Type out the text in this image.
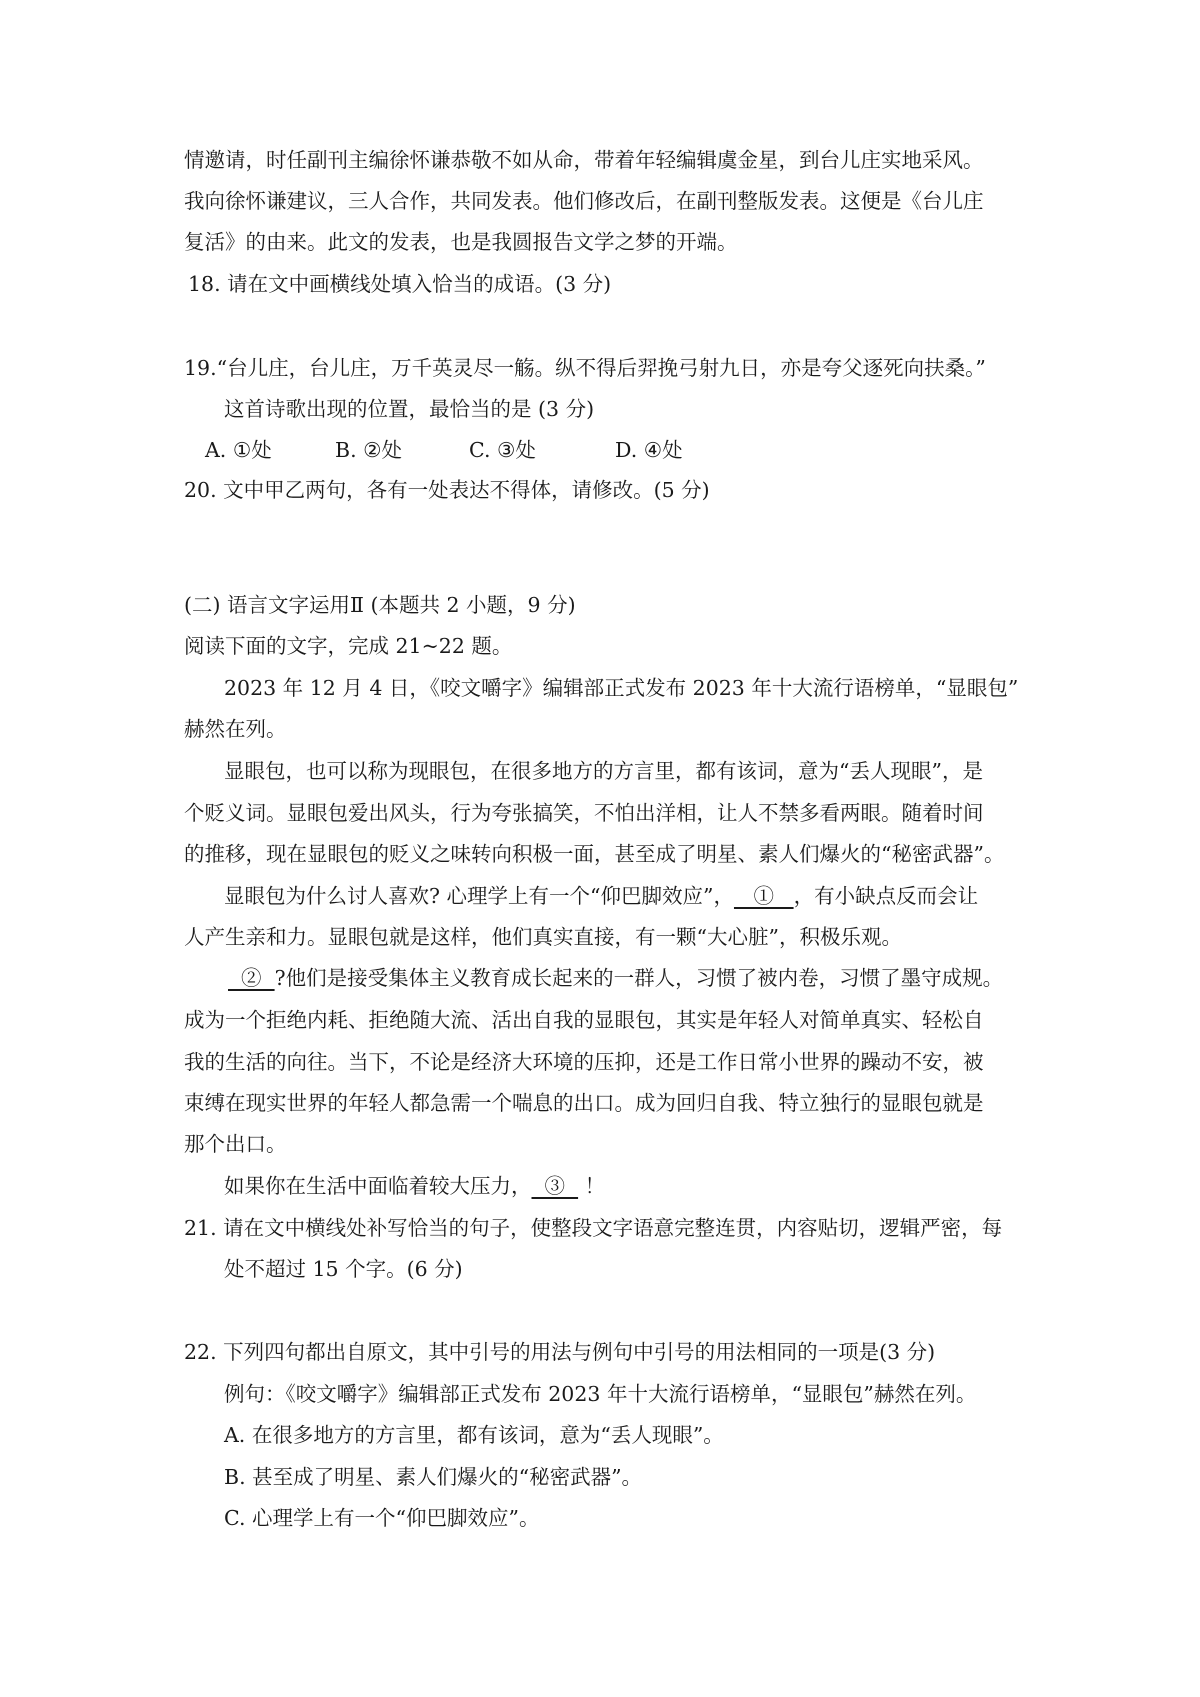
情邀请，时任副刊主编徐怀谦恭敬不如从命，带着年轻编辑虞金星，到台儿庄实地采风。
我向徐怀谦建议，三人合作，共同发表。他们修改后，在副刊整版发表。这便是《台儿庄
复活》的由来。此文的发表，也是我圆报告文学之梦的开端。
18. 请在文中画横线处填入恰当的成语。(3 分)
19.“台儿庄，台儿庄，万千英灵尽一觞。纵不得后羿挽弓射九日，亦是夸父逐死向扶桑。”
这首诗歌出现的位置，最恰当的是 (3 分)
A. ①处	B. ②处	C. ③处	D. ④处
20. 文中甲乙两句，各有一处表达不得体，请修改。(5 分)
(二) 语言文字运用Ⅱ (本题共 2 小题，9 分)
阅读下面的文字，完成 21~22 题。
2023 年 12 月 4 日，《咬文嚼字》编辑部正式发布 2023 年十大流行语榜单，“显眼包”
赫然在列。
显眼包，也可以称为现眼包，在很多地方的方言里，都有该词，意为“丢人现眼”，是
个贬义词。显眼包爱出风头，行为夸张搞笑，不怕出洋相，让人不禁多看两眼。随着时间
的推移，现在显眼包的贬义之味转向积极一面，甚至成了明星、素人们爆火的“秘密武器”。
显眼包为什么讨人喜欢? 心理学上有一个“仰巴脚效应”，   ①   ，有小缺点反而会让
人产生亲和力。显眼包就是这样，他们真实直接，有一颗“大心脏”，积极乐观。
②  ?他们是接受集体主义教育成长起来的一群人，习惯了被内卷，习惯了墨守成规。
成为一个拒绝内耗、拒绝随大流、活出自我的显眼包，其实是年轻人对简单真实、轻松自
我的生活的向往。当下，不论是经济大环境的压抑，还是工作日常小世界的躁动不安，被
束缚在现实世界的年轻人都急需一个喘息的出口。成为回归自我、特立独行的显眼包就是
那个出口。
如果你在生活中面临着较大压力，  ③   ！
21. 请在文中横线处补写恰当的句子，使整段文字语意完整连贯，内容贴切，逻辑严密，每
处不超过 15 个字。(6 分)
22. 下列四句都出自原文，其中引号的用法与例句中引号的用法相同的一项是(3 分)
例句：《咬文嚼字》编辑部正式发布 2023 年十大流行语榜单，“显眼包”赫然在列。
A. 在很多地方的方言里，都有该词，意为“丢人现眼”。
B. 甚至成了明星、素人们爆火的“秘密武器”。
C. 心理学上有一个“仰巴脚效应”。
